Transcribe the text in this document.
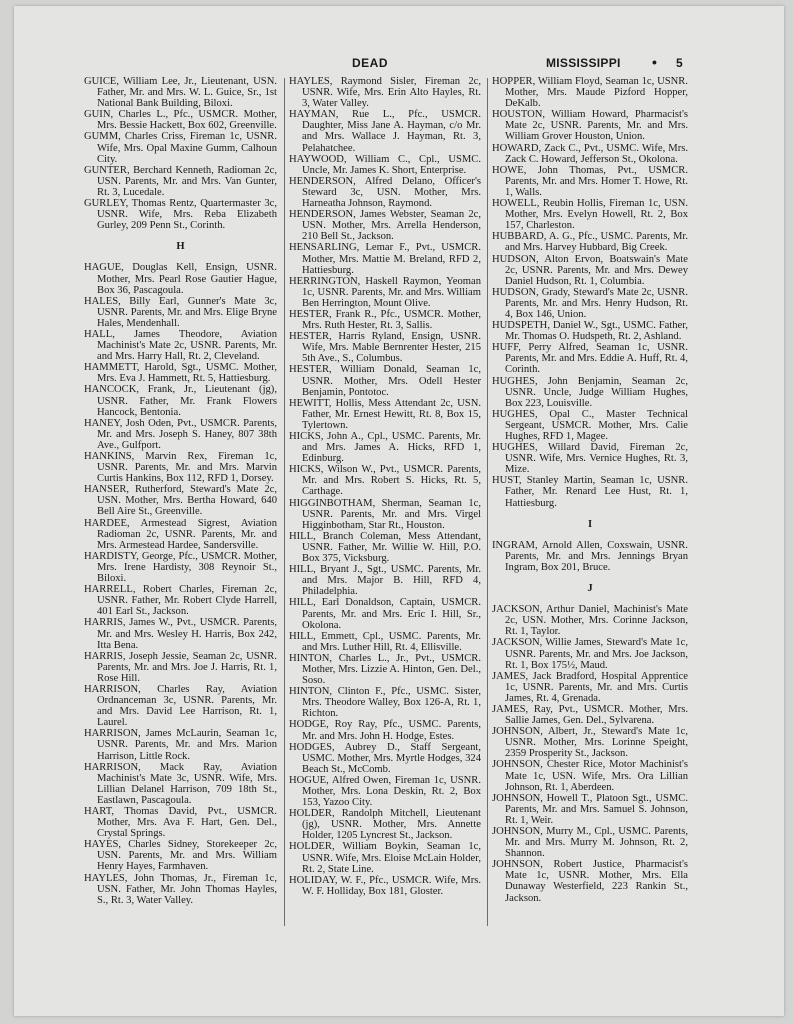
DEAD	MISSISSIPPI • 5

GUICE, William Lee, Jr., Lieutenant, USN. Father, Mr. and Mrs. W. L. Guice, Sr., 1st National Bank Building, Biloxi.

GUIN, Charles L., Pfc., USMCR. Mother, Mrs. Bessie Hackett, Box 602, Greenville.

GUMM, Charles Criss, Fireman 1c, USNR. Wife, Mrs. Opal Maxine Gumm, Calhoun City.

GUNTER, Berchard Kenneth, Radioman 2c, USN. Parents, Mr. and Mrs. Van Gunter, Rt. 3, Lucedale.

GURLEY, Thomas Rentz, Quartermaster 3c, USNR. Wife, Mrs. Reba Elizabeth Gurley, 209 Penn St., Corinth.

H

HAGUE, Douglas Kell, Ensign, USNR. Mother, Mrs. Pearl Rose Gautier Hague, Box 36, Pascagoula.

HALES, Billy Earl, Gunner's Mate 3c, USNR. Parents, Mr. and Mrs. Elige Bryne Hales, Mendenhall.

HALL, James Theodore, Aviation Machinist's Mate 2c, USNR. Parents, Mr. and Mrs. Harry Hall, Rt. 2, Cleveland.

HAMMETT, Harold, Sgt., USMC. Mother, Mrs. Eva J. Hammett, Rt. 5, Hattiesburg.

HANCOCK, Frank, Jr., Lieutenant (jg), USNR. Father, Mr. Frank Flowers Hancock, Bentonia.

HANEY, Josh Oden, Pvt., USMCR. Parents, Mr. and Mrs. Joseph S. Haney, 807 38th Ave., Gulfport.

HANKINS, Marvin Rex, Fireman 1c, USNR. Parents, Mr. and Mrs. Marvin Curtis Hankins, Box 112, RFD 1, Dorsey.

HANSER, Rutherford, Steward's Mate 2c, USN. Mother, Mrs. Bertha Howard, 640 Bell Aire St., Greenville.

HARDEE, Armestead Sigrest, Aviation Radioman 2c, USNR. Parents, Mr. and Mrs. Armestead Hardee, Sandersville.

HARDISTY, George, Pfc., USMCR. Mother, Mrs. Irene Hardisty, 308 Reynoir St., Biloxi.

HARRELL, Robert Charles, Fireman 2c, USNR. Father, Mr. Robert Clyde Harrell, 401 Earl St., Jackson.

HARRIS, James W., Pvt., USMCR. Parents, Mr. and Mrs. Wesley H. Harris, Box 242, Itta Bena.

HARRIS, Joseph Jessie, Seaman 2c, USNR. Parents, Mr. and Mrs. Joe J. Harris, Rt. 1, Rose Hill.

HARRISON, Charles Ray, Aviation Ordnanceman 3c, USNR. Parents, Mr. and Mrs. David Lee Harrison, Rt. 1, Laurel.

HARRISON, James McLaurin, Seaman 1c, USNR. Parents, Mr. and Mrs. Marion Harrison, Little Rock.

HARRISON, Mack Ray, Aviation Machinist's Mate 3c, USNR. Wife, Mrs. Lillian Delanel Harrison, 709 18th St., Eastlawn, Pascagoula.

HART, Thomas David, Pvt., USMCR. Mother, Mrs. Ava F. Hart, Gen. Del., Crystal Springs.

HAYES, Charles Sidney, Storekeeper 2c, USN. Parents, Mr. and Mrs. William Henry Hayes, Farmhaven.

HAYLES, John Thomas, Jr., Fireman 1c, USN. Father, Mr. John Thomas Hayles, S., Rt. 3, Water Valley.

HAYLES, Raymond Sisler, Fireman 2c, USNR. Wife, Mrs. Erin Alto Hayles, Rt. 3, Water Valley.

HAYMAN, Rue L., Pfc., USMCR. Daughter, Miss Jane A. Hayman, c/o Mr. and Mrs. Wallace J. Hayman, Rt. 3, Pelahatchee.

HAYWOOD, William C., Cpl., USMC. Uncle, Mr. James K. Short, Enterprise.

HENDERSON, Alfred Delano, Officer's Steward 3c, USN. Mother, Mrs. Harneatha Johnson, Raymond.

HENDERSON, James Webster, Seaman 2c, USN. Mother, Mrs. Arrella Henderson, 210 Bell St., Jackson.

HENSARLING, Lemar F., Pvt., USMCR. Mother, Mrs. Mattie M. Breland, RFD 2, Hattiesburg.

HERRINGTON, Haskell Raymon, Yeoman 1c, USNR. Parents, Mr. and Mrs. William Ben Herrington, Mount Olive.

HESTER, Frank R., Pfc., USMCR. Mother, Mrs. Ruth Hester, Rt. 3, Sallis.

HESTER, Harris Ryland, Ensign, USNR. Wife, Mrs. Mable Bernrenter Hester, 215 5th Ave., S., Columbus.

HESTER, William Donald, Seaman 1c, USNR. Mother, Mrs. Odell Hester Benjamin, Pontotoc.

HEWITT, Hollis, Mess Attendant 2c, USN. Father, Mr. Ernest Hewitt, Rt. 8, Box 15, Tylertown.

HICKS, John A., Cpl., USMC. Parents, Mr. and Mrs. James A. Hicks, RFD 1, Edinburg.

HICKS, Wilson W., Pvt., USMCR. Parents, Mr. and Mrs. Robert S. Hicks, Rt. 5, Carthage.

HIGGINBOTHAM, Sherman, Seaman 1c, USNR. Parents, Mr. and Mrs. Virgel Higginbotham, Star Rt., Houston.

HILL, Branch Coleman, Mess Attendant, USNR. Father, Mr. Willie W. Hill, P.O. Box 375, Vicksburg.

HILL, Bryant J., Sgt., USMC. Parents, Mr. and Mrs. Major B. Hill, RFD 4, Philadelphia.

HILL, Earl Donaldson, Captain, USMCR. Parents, Mr. and Mrs. Eric I. Hill, Sr., Okolona.

HILL, Emmett, Cpl., USMC. Parents, Mr. and Mrs. Luther Hill, Rt. 4, Ellisville.

HINTON, Charles L., Jr., Pvt., USMCR. Mother, Mrs. Lizzie A. Hinton, Gen. Del., Soso.

HINTON, Clinton F., Pfc., USMC. Sister, Mrs. Theodore Walley, Box 126-A, Rt. 1, Richton.

HODGE, Roy Ray, Pfc., USMC. Parents, Mr. and Mrs. John H. Hodge, Estes.

HODGES, Aubrey D., Staff Sergeant, USMC. Mother, Mrs. Myrtle Hodges, 324 Beach St., McComb.

HOGUE, Alfred Owen, Fireman 1c, USNR. Mother, Mrs. Lona Deskin, Rt. 2, Box 153, Yazoo City.

HOLDER, Randolph Mitchell, Lieutenant (jg), USNR. Mother, Mrs. Annette Holder, 1205 Lyncrest St., Jackson.

HOLDER, William Boykin, Seaman 1c, USNR. Wife, Mrs. Eloise McLain Holder, Rt. 2, State Line.

HOLIDAY, W. F., Pfc., USMCR. Wife, Mrs. W. F. Holliday, Box 181, Gloster.

HOPPER, William Floyd, Seaman 1c, USNR. Mother, Mrs. Maude Pizford Hopper, DeKalb.

HOUSTON, William Howard, Pharmacist's Mate 2c, USNR. Parents, Mr. and Mrs. William Grover Houston, Union.

HOWARD, Zack C., Pvt., USMC. Wife, Mrs. Zack C. Howard, Jefferson St., Okolona.

HOWE, John Thomas, Pvt., USMCR. Parents, Mr. and Mrs. Homer T. Howe, Rt. 1, Walls.

HOWELL, Reubin Hollis, Fireman 1c, USN. Mother, Mrs. Evelyn Howell, Rt. 2, Box 157, Charleston.

HUBBARD, A. G., Pfc., USMC. Parents, Mr. and Mrs. Harvey Hubbard, Big Creek.

HUDSON, Alton Ervon, Boatswain's Mate 2c, USNR. Parents, Mr. and Mrs. Dewey Daniel Hudson, Rt. 1, Columbia.

HUDSON, Grady, Steward's Mate 2c, USNR. Parents, Mr. and Mrs. Henry Hudson, Rt. 4, Box 146, Union.

HUDSPETH, Daniel W., Sgt., USMC. Father, Mr. Thomas O. Hudspeth, Rt. 2, Ashland.

HUFF, Perry Alfred, Seaman 1c, USNR. Parents, Mr. and Mrs. Eddie A. Huff, Rt. 4, Corinth.

HUGHES, John Benjamin, Seaman 2c, USNR. Uncle, Judge William Hughes, Box 223, Louisville.

HUGHES, Opal C., Master Technical Sergeant, USMCR. Mother, Mrs. Calie Hughes, RFD 1, Magee.

HUGHES, Willard David, Fireman 2c, USNR. Wife, Mrs. Vernice Hughes, Rt. 3, Mize.

HUST, Stanley Martin, Seaman 1c, USNR. Father, Mr. Renard Lee Hust, Rt. 1, Hattiesburg.

I

INGRAM, Arnold Allen, Coxswain, USNR. Parents, Mr. and Mrs. Jennings Bryan Ingram, Box 201, Bruce.

J

JACKSON, Arthur Daniel, Machinist's Mate 2c, USN. Mother, Mrs. Corinne Jackson, Rt. 1, Taylor.

JACKSON, Willie James, Steward's Mate 1c, USNR. Parents, Mr. and Mrs. Joe Jackson, Rt. 1, Box 175½, Maud.

JAMES, Jack Bradford, Hospital Apprentice 1c, USNR. Parents, Mr. and Mrs. Curtis James, Rt. 4, Grenada.

JAMES, Ray, Pvt., USMCR. Mother, Mrs. Sallie James, Gen. Del., Sylvarena.

JOHNSON, Albert, Jr., Steward's Mate 1c, USNR. Mother, Mrs. Lorinne Speight, 2359 Prosperity St., Jackson.

JOHNSON, Chester Rice, Motor Machinist's Mate 1c, USN. Wife, Mrs. Ora Lillian Johnson, Rt. 1, Aberdeen.

JOHNSON, Howell T., Platoon Sgt., USMC. Parents, Mr. and Mrs. Samuel S. Johnson, Rt. 1, Weir.

JOHNSON, Murry M., Cpl., USMC. Parents, Mr. and Mrs. Murry M. Johnson, Rt. 2, Shannon.

JOHNSON, Robert Justice, Pharmacist's Mate 1c, USNR. Mother, Mrs. Ella Dunaway Westerfield, 223 Rankin St., Jackson.
